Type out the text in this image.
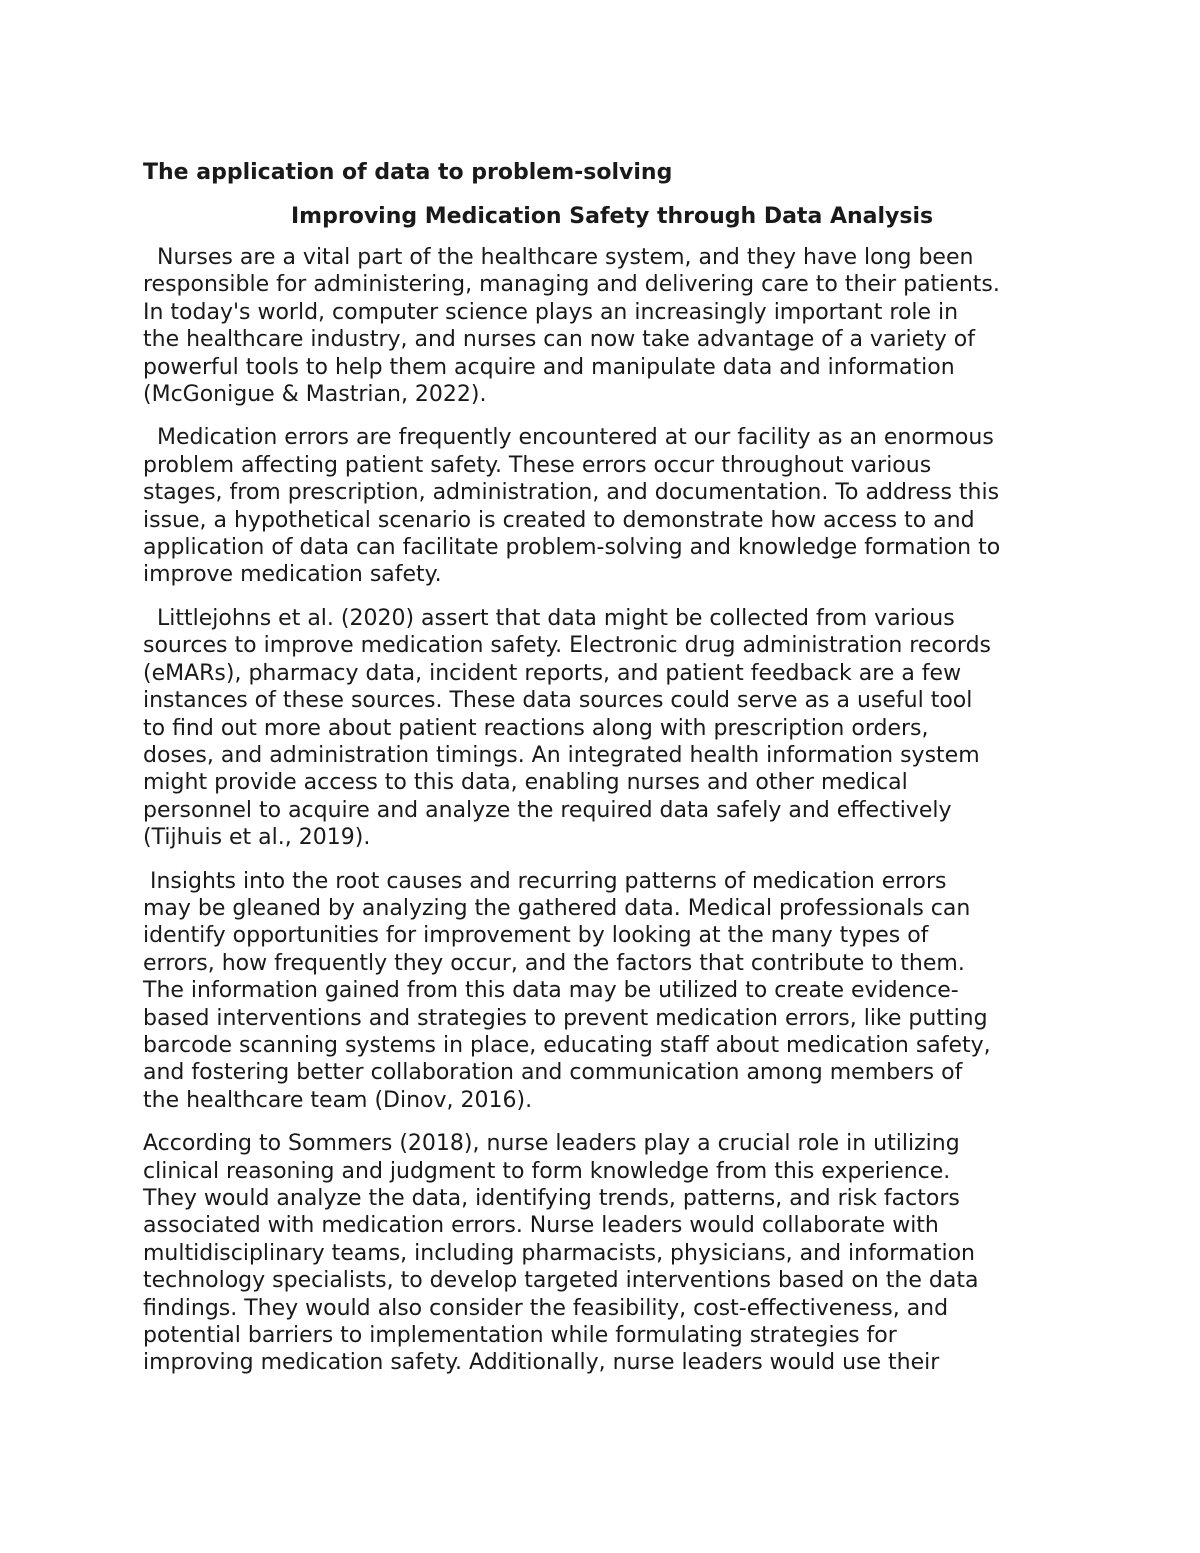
The application of data to problem-solving
Improving Medication Safety through Data Analysis
Nurses are a vital part of the healthcare system, and they have long been
responsible for administering, managing and delivering care to their patients.
In today's world, computer science plays an increasingly important role in
the healthcare industry, and nurses can now take advantage of a variety of
powerful tools to help them acquire and manipulate data and information
(McGonigue & Mastrian, 2022).
Medication errors are frequently encountered at our facility as an enormous
problem affecting patient safety. These errors occur throughout various
stages, from prescription, administration, and documentation. To address this
issue, a hypothetical scenario is created to demonstrate how access to and
application of data can facilitate problem-solving and knowledge formation to
improve medication safety.
Littlejohns et al. (2020) assert that data might be collected from various
sources to improve medication safety. Electronic drug administration records
(eMARs), pharmacy data, incident reports, and patient feedback are a few
instances of these sources. These data sources could serve as a useful tool
to find out more about patient reactions along with prescription orders,
doses, and administration timings. An integrated health information system
might provide access to this data, enabling nurses and other medical
personnel to acquire and analyze the required data safely and effectively
(Tijhuis et al., 2019).
Insights into the root causes and recurring patterns of medication errors
may be gleaned by analyzing the gathered data. Medical professionals can
identify opportunities for improvement by looking at the many types of
errors, how frequently they occur, and the factors that contribute to them.
The information gained from this data may be utilized to create evidence-
based interventions and strategies to prevent medication errors, like putting
barcode scanning systems in place, educating staff about medication safety,
and fostering better collaboration and communication among members of
the healthcare team (Dinov, 2016).
According to Sommers (2018), nurse leaders play a crucial role in utilizing
clinical reasoning and judgment to form knowledge from this experience.
They would analyze the data, identifying trends, patterns, and risk factors
associated with medication errors. Nurse leaders would collaborate with
multidisciplinary teams, including pharmacists, physicians, and information
technology specialists, to develop targeted interventions based on the data
findings. They would also consider the feasibility, cost-effectiveness, and
potential barriers to implementation while formulating strategies for
improving medication safety. Additionally, nurse leaders would use their
